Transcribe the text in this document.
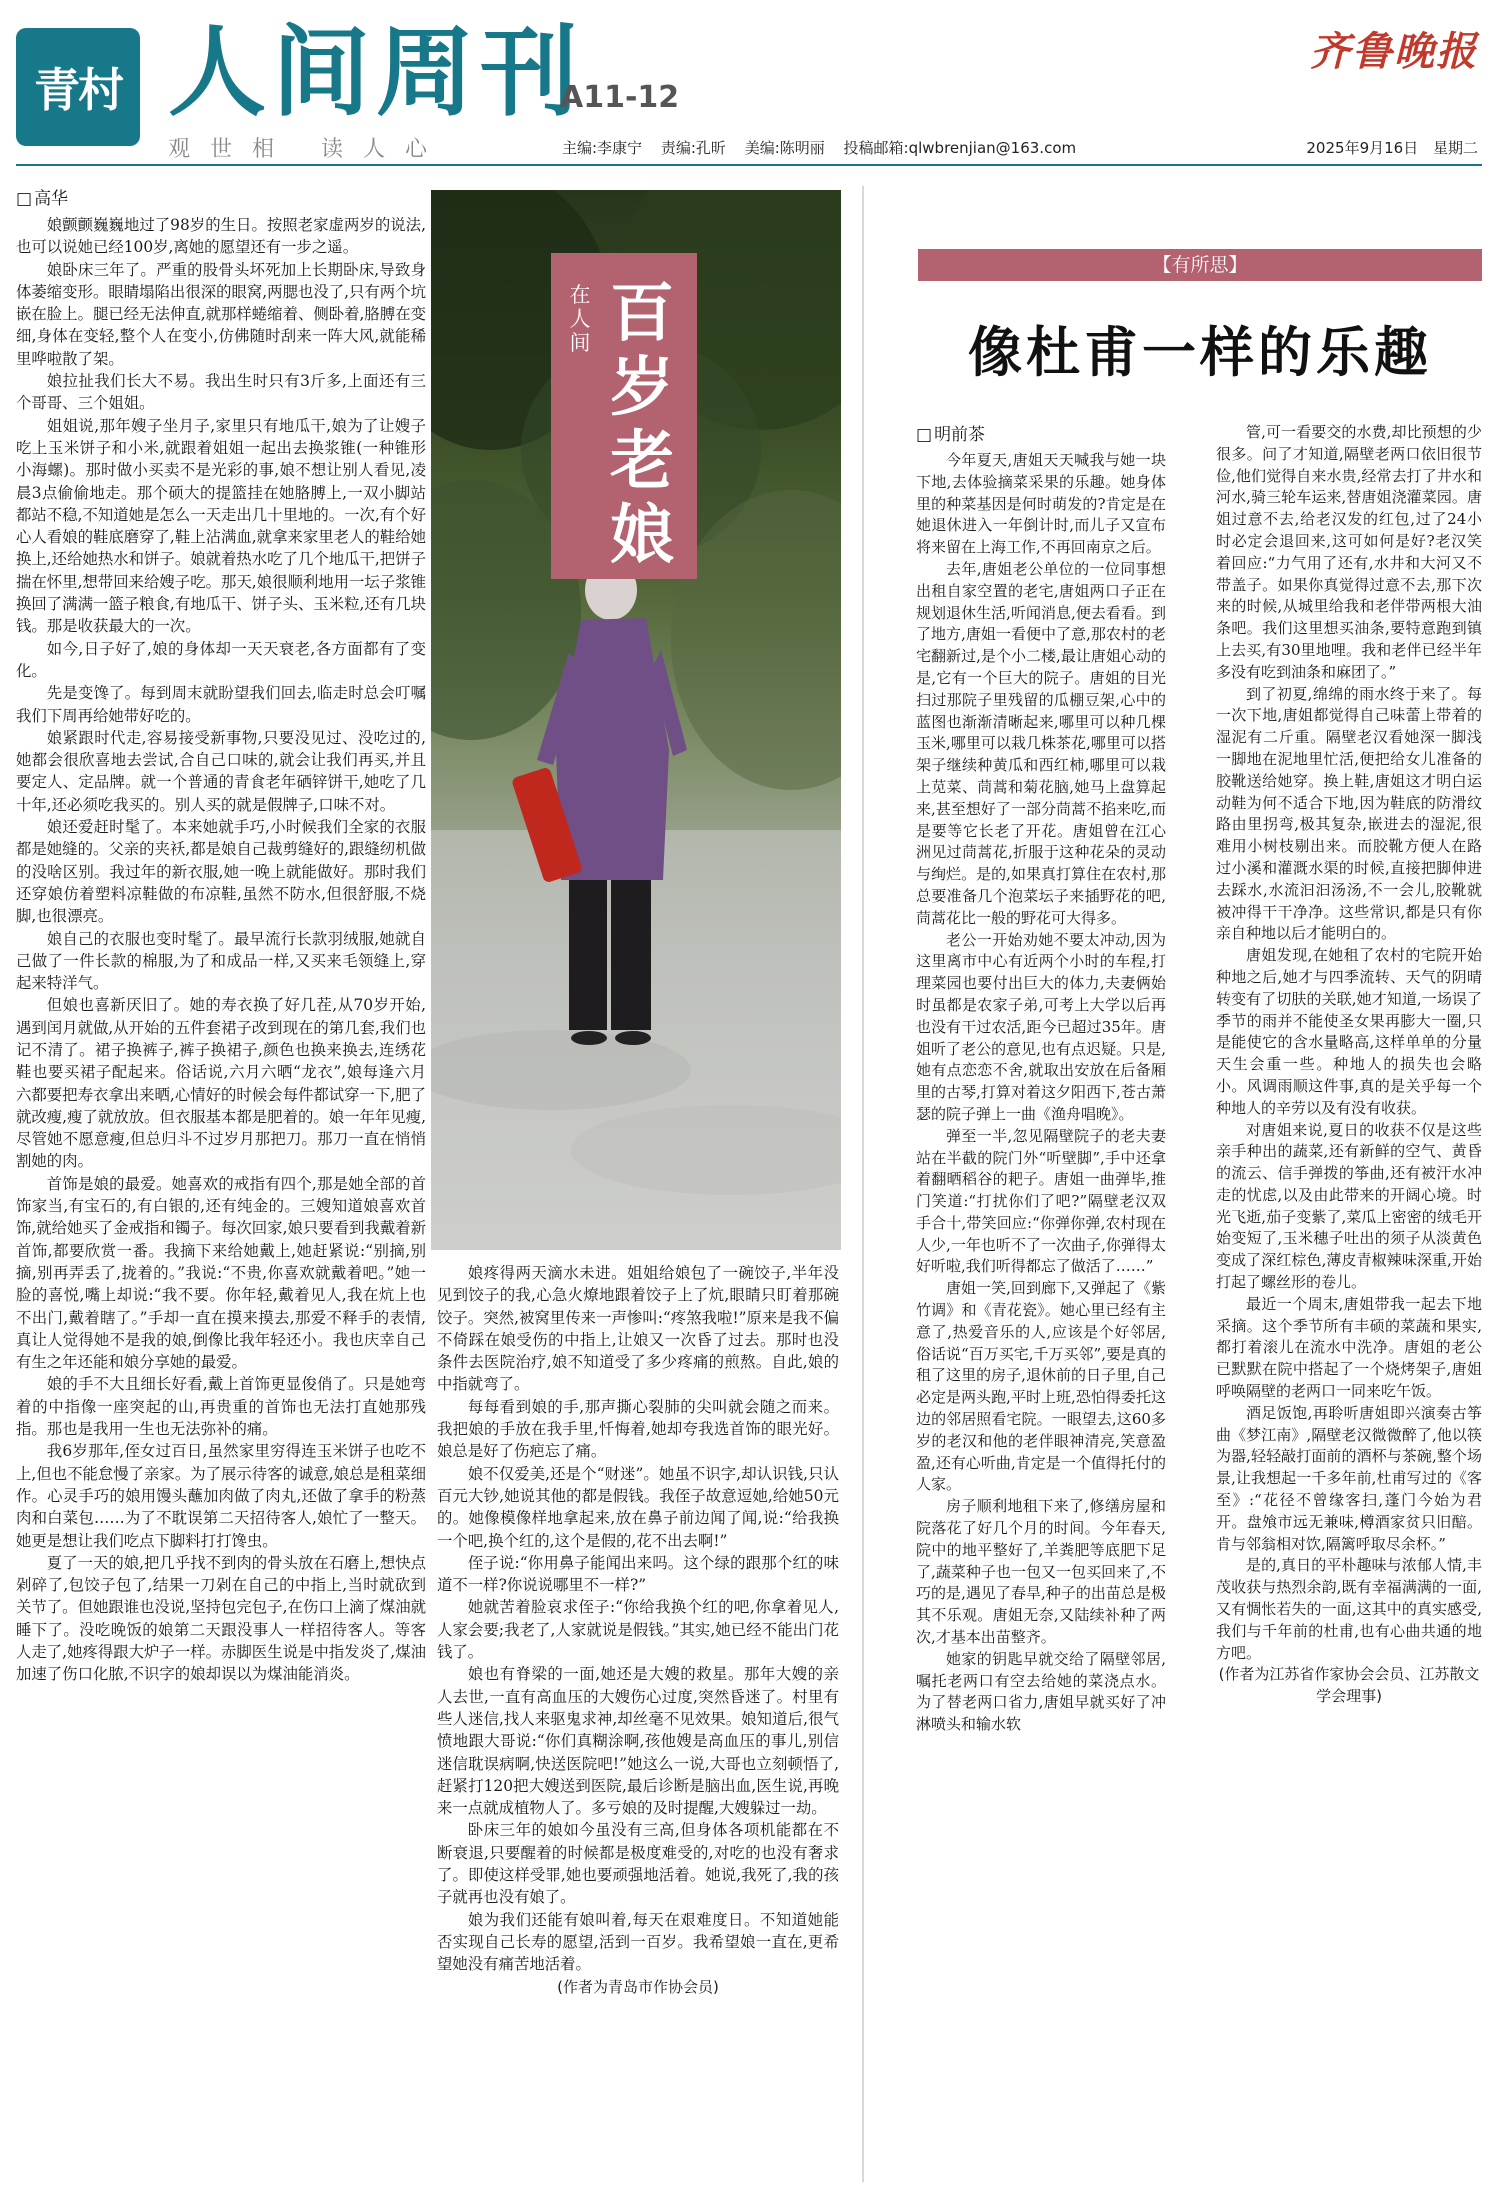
青村 人间周刊
A11-12
齐鲁晚报
观世相 读人心	主编:李康宁 责编:孔昕 美编:陈明丽 投稿邮箱:qlwbrenjian@163.com	2025年9月16日 星期二

□ 高华

娘颤颤巍巍地过了98岁的生日。按照老家虚两岁的说法,也可以说她已经100岁,离她的愿望还有一步之遥。

娘卧床三年了。严重的股骨头坏死加上长期卧床,导致身体萎缩变形。眼睛塌陷出很深的眼窝,两腮也没了,只有两个坑嵌在脸上。腿已经无法伸直,就那样蜷缩着、侧卧着,胳膊在变细,身体在变轻,整个人在变小,仿佛随时刮来一阵大风,就能稀里哗啦散了架。

娘拉扯我们长大不易。我出生时只有3斤多,上面还有三个哥哥、三个姐姐。

姐姐说,那年嫂子坐月子,家里只有地瓜干,娘为了让嫂子吃上玉米饼子和小米,就跟着姐姐一起出去换浆锥(一种锥形小海螺)。那时做小买卖不是光彩的事,娘不想让别人看见,凌晨3点偷偷地走。那个硕大的提篮挂在她胳膊上,一双小脚站都站不稳,不知道她是怎么一天走出几十里地的。一次,有个好心人看娘的鞋底磨穿了,鞋上沾满血,就拿来家里老人的鞋给她换上,还给她热水和饼子。娘就着热水吃了几个地瓜干,把饼子揣在怀里,想带回来给嫂子吃。那天,娘很顺利地用一坛子浆锥换回了满满一篮子粮食,有地瓜干、饼子头、玉米粒,还有几块钱。那是收获最大的一次。

如今,日子好了,娘的身体却一天天衰老,各方面都有了变化。

先是变馋了。每到周末就盼望我们回去,临走时总会叮嘱我们下周再给她带好吃的。

娘紧跟时代走,容易接受新事物,只要没见过、没吃过的,她都会很欣喜地去尝试,合自己口味的,就会让我们再买,并且要定人、定品牌。就一个普通的青食老年硒锌饼干,她吃了几十年,还必须吃我买的。别人买的就是假牌子,口味不对。

娘还爱赶时髦了。本来她就手巧,小时候我们全家的衣服都是她缝的。父亲的夹袄,都是娘自己裁剪缝好的,跟缝纫机做的没啥区别。我过年的新衣服,她一晚上就能做好。那时我们还穿娘仿着塑料凉鞋做的布凉鞋,虽然不防水,但很舒服,不烧脚,也很漂亮。

娘自己的衣服也变时髦了。最早流行长款羽绒服,她就自己做了一件长款的棉服,为了和成品一样,又买来毛领缝上,穿起来特洋气。

但娘也喜新厌旧了。她的寿衣换了好几茬,从70岁开始,遇到闰月就做,从开始的五件套裙子改到现在的第几套,我们也记不清了。裙子换裤子,裤子换裙子,颜色也换来换去,连绣花鞋也要买裙子配起来。俗话说,六月六晒“龙衣”,娘每逢六月六都要把寿衣拿出来晒,心情好的时候会每件都试穿一下,肥了就改瘦,瘦了就放放。但衣服基本都是肥着的。娘一年年见瘦,尽管她不愿意瘦,但总归斗不过岁月那把刀。那刀一直在悄悄割她的肉。

首饰是娘的最爱。她喜欢的戒指有四个,那是她全部的首饰家当,有宝石的,有白银的,还有纯金的。三嫂知道娘喜欢首饰,就给她买了金戒指和镯子。每次回家,娘只要看到我戴着新首饰,都要欣赏一番。我摘下来给她戴上,她赶紧说:“别摘,别摘,别再弄丢了,拢着的。”我说:“不贵,你喜欢就戴着吧。”她一脸的喜悦,嘴上却说:“我不要。你年轻,戴着见人,我在炕上也不出门,戴着瞎了。”手却一直在摸来摸去,那爱不释手的表情,真让人觉得她不是我的娘,倒像比我年轻还小。我也庆幸自己有生之年还能和娘分享她的最爱。

娘的手不大且细长好看,戴上首饰更显俊俏了。只是她弯着的中指像一座突起的山,再贵重的首饰也无法打直她那残指。那也是我用一生也无法弥补的痛。

我6岁那年,侄女过百日,虽然家里穷得连玉米饼子也吃不上,但也不能怠慢了亲家。为了展示待客的诚意,娘总是租菜细作。心灵手巧的娘用馒头蘸加肉做了肉丸,还做了拿手的粉蒸肉和白菜包……为了不耽误第二天招待客人,娘忙了一整天。她更是想让我们吃点下脚料打打馋虫。

夏了一天的娘,把几乎找不到肉的骨头放在石磨上,想快点剁碎了,包饺子包了,结果一刀剁在自己的中指上,当时就砍到关节了。但她跟谁也没说,坚持包完包子,在伤口上滴了煤油就睡下了。没吃晚饭的娘第二天跟没事人一样招待客人。等客人走了,她疼得跟大炉子一样。赤脚医生说是中指发炎了,煤油加速了伤口化脓,不识字的娘却误以为煤油能消炎。

在人间 百岁老娘

娘疼得两天滴水未进。姐姐给娘包了一碗饺子,半年没见到饺子的我,心急火燎地跟着饺子上了炕,眼睛只盯着那碗饺子。突然,被窝里传来一声惨叫:“疼煞我啦!”原来是我不偏不倚踩在娘受伤的中指上,让娘又一次昏了过去。那时也没条件去医院治疗,娘不知道受了多少疼痛的煎熬。自此,娘的中指就弯了。

每每看到娘的手,那声撕心裂肺的尖叫就会随之而来。我把娘的手放在我手里,忏悔着,她却夸我选首饰的眼光好。娘总是好了伤疤忘了痛。

娘不仅爱美,还是个“财迷”。她虽不识字,却认识钱,只认百元大钞,她说其他的都是假钱。我侄子故意逗她,给她50元的。她像模像样地拿起来,放在鼻子前边闻了闻,说:“给我换一个吧,换个红的,这个是假的,花不出去啊!”

侄子说:“你用鼻子能闻出来吗。这个绿的跟那个红的味道不一样?你说说哪里不一样?”

她就苦着脸哀求侄子:“你给我换个红的吧,你拿着见人,人家会要;我老了,人家就说是假钱。”其实,她已经不能出门花钱了。

娘也有脊梁的一面,她还是大嫂的救星。那年大嫂的亲人去世,一直有高血压的大嫂伤心过度,突然昏迷了。村里有些人迷信,找人来驱鬼求神,却丝毫不见效果。娘知道后,很气愤地跟大哥说:“你们真糊涂啊,孩他嫂是高血压的事儿,别信迷信耽误病啊,快送医院吧!”她这么一说,大哥也立刻顿悟了,赶紧打120把大嫂送到医院,最后诊断是脑出血,医生说,再晚来一点就成植物人了。多亏娘的及时提醒,大嫂躲过一劫。

卧床三年的娘如今虽没有三高,但身体各项机能都在不断衰退,只要醒着的时候都是极度难受的,对吃的也没有奢求了。即使这样受罪,她也要顽强地活着。她说,我死了,我的孩子就再也没有娘了。

娘为我们还能有娘叫着,每天在艰难度日。不知道她能否实现自己长寿的愿望,活到一百岁。我希望娘一直在,更希望她没有痛苦地活着。

(作者为青岛市作协会员)

【有所思】
像杜甫一样的乐趣

□ 明前茶

今年夏天,唐姐天天喊我与她一块下地,去体验摘菜采果的乐趣。她身体里的种菜基因是何时萌发的?肯定是在她退休进入一年倒计时,而儿子又宣布将来留在上海工作,不再回南京之后。

去年,唐姐老公单位的一位同事想出租自家空置的老宅,唐姐两口子正在规划退休生活,听闻消息,便去看看。到了地方,唐姐一看便中了意,那农村的老宅翻新过,是个小二楼,最让唐姐心动的是,它有一个巨大的院子。唐姐的目光扫过那院子里残留的瓜棚豆架,心中的蓝图也渐渐清晰起来,哪里可以种几棵玉米,哪里可以栽几株茶花,哪里可以搭架子继续种黄瓜和西红柿,哪里可以栽上苋菜、茼蒿和菊花脑,她马上盘算起来,甚至想好了一部分茼蒿不掐来吃,而是要等它长老了开花。唐姐曾在江心洲见过茼蒿花,折服于这种花朵的灵动与绚烂。是的,如果真打算住在农村,那总要准备几个泡菜坛子来插野花的吧,茼蒿花比一般的野花可大得多。

老公一开始劝她不要太冲动,因为这里离市中心有近两个小时的车程,打理菜园也要付出巨大的体力,夫妻俩始时虽都是农家子弟,可考上大学以后再也没有干过农活,距今已超过35年。唐姐听了老公的意见,也有点迟疑。只是,她有点恋恋不舍,就取出安放在后备厢里的古琴,打算对着这夕阳西下,苍古萧瑟的院子弹上一曲《渔舟唱晚》。

弹至一半,忽见隔壁院子的老夫妻站在半截的院门外“听壁脚”,手中还拿着翻晒稻谷的耙子。唐姐一曲弹毕,推门笑道:“打扰你们了吧?”隔壁老汉双手合十,带笑回应:“你弹你弹,农村现在人少,一年也听不了一次曲子,你弹得太好听啦,我们听得都忘了做活了……”

唐姐一笑,回到廊下,又弹起了《紫竹调》和《青花瓷》。她心里已经有主意了,热爱音乐的人,应该是个好邻居,俗话说“百万买宅,千万买邻”,要是真的租了这里的房子,退休前的日子里,自己必定是两头跑,平时上班,恐怕得委托这边的邻居照看宅院。一眼望去,这60多岁的老汉和他的老伴眼神清亮,笑意盈盈,还有心听曲,肯定是一个值得托付的人家。

房子顺利地租下来了,修缮房屋和院落花了好几个月的时间。今年春天,院中的地平整好了,羊粪肥等底肥下足了,蔬菜种子也一包又一包买回来了,不巧的是,遇见了春旱,种子的出苗总是极其不乐观。唐姐无奈,又陆续补种了两次,才基本出苗整齐。

她家的钥匙早就交给了隔壁邻居,嘱托老两口有空去给她的菜浇点水。为了替老两口省力,唐姐早就买好了冲淋喷头和输水软

管,可一看要交的水费,却比预想的少很多。问了才知道,隔壁老两口依旧很节俭,他们觉得自来水贵,经常去打了井水和河水,骑三轮车运来,替唐姐浇灌菜园。唐姐过意不去,给老汉发的红包,过了24小时必定会退回来,这可如何是好?老汉笑着回应:“力气用了还有,水井和大河又不带盖子。如果你真觉得过意不去,那下次来的时候,从城里给我和老伴带两根大油条吧。我们这里想买油条,要特意跑到镇上去买,有30里地哩。我和老伴已经半年多没有吃到油条和麻团了。”

到了初夏,绵绵的雨水终于来了。每一次下地,唐姐都觉得自己味蕾上带着的湿泥有二斤重。隔壁老汉看她深一脚浅一脚地在泥地里忙活,便把给女儿准备的胶靴送给她穿。换上鞋,唐姐这才明白运动鞋为何不适合下地,因为鞋底的防滑纹路由里拐弯,极其复杂,嵌进去的湿泥,很难用小树枝剔出来。而胶靴方便人在路过小溪和灌溉水渠的时候,直接把脚伸进去踩水,水流汩汩汤汤,不一会儿,胶靴就被冲得干干净净。这些常识,都是只有你亲自种地以后才能明白的。

唐姐发现,在她租了农村的宅院开始种地之后,她才与四季流转、天气的阴晴转变有了切肤的关联,她才知道,一场误了季节的雨并不能使圣女果再膨大一圈,只是能使它的含水量略高,这样单单的分量天生会重一些。种地人的损失也会略小。风调雨顺这件事,真的是关乎每一个种地人的辛劳以及有没有收获。

对唐姐来说,夏日的收获不仅是这些亲手种出的蔬菜,还有新鲜的空气、黄昏的流云、信手弹拨的筝曲,还有被汗水冲走的忧虑,以及由此带来的开阔心境。时光飞逝,茄子变紫了,菜瓜上密密的绒毛开始变短了,玉米穗子吐出的须子从淡黄色变成了深红棕色,薄皮青椒辣味深重,开始打起了螺丝形的卷儿。

最近一个周末,唐姐带我一起去下地采摘。这个季节所有丰硕的菜蔬和果实,都打着滚儿在流水中洗净。唐姐的老公已默默在院中搭起了一个烧烤架子,唐姐呼唤隔壁的老两口一同来吃午饭。

酒足饭饱,再聆听唐姐即兴演奏古筝曲《梦江南》,隔壁老汉微微醉了,他以筷为器,轻轻敲打面前的酒杯与茶碗,整个场景,让我想起一千多年前,杜甫写过的《客至》:“花径不曾缘客扫,蓬门今始为君开。盘飧市远无兼味,樽酒家贫只旧醅。肯与邻翁相对饮,隔篱呼取尽余杯。”

是的,真日的平朴趣味与浓郁人情,丰茂收获与热烈余韵,既有幸福满满的一面,又有惆怅若失的一面,这其中的真实感受,我们与千年前的杜甫,也有心曲共通的地方吧。

(作者为江苏省作家协会会员、江苏散文学会理事)
